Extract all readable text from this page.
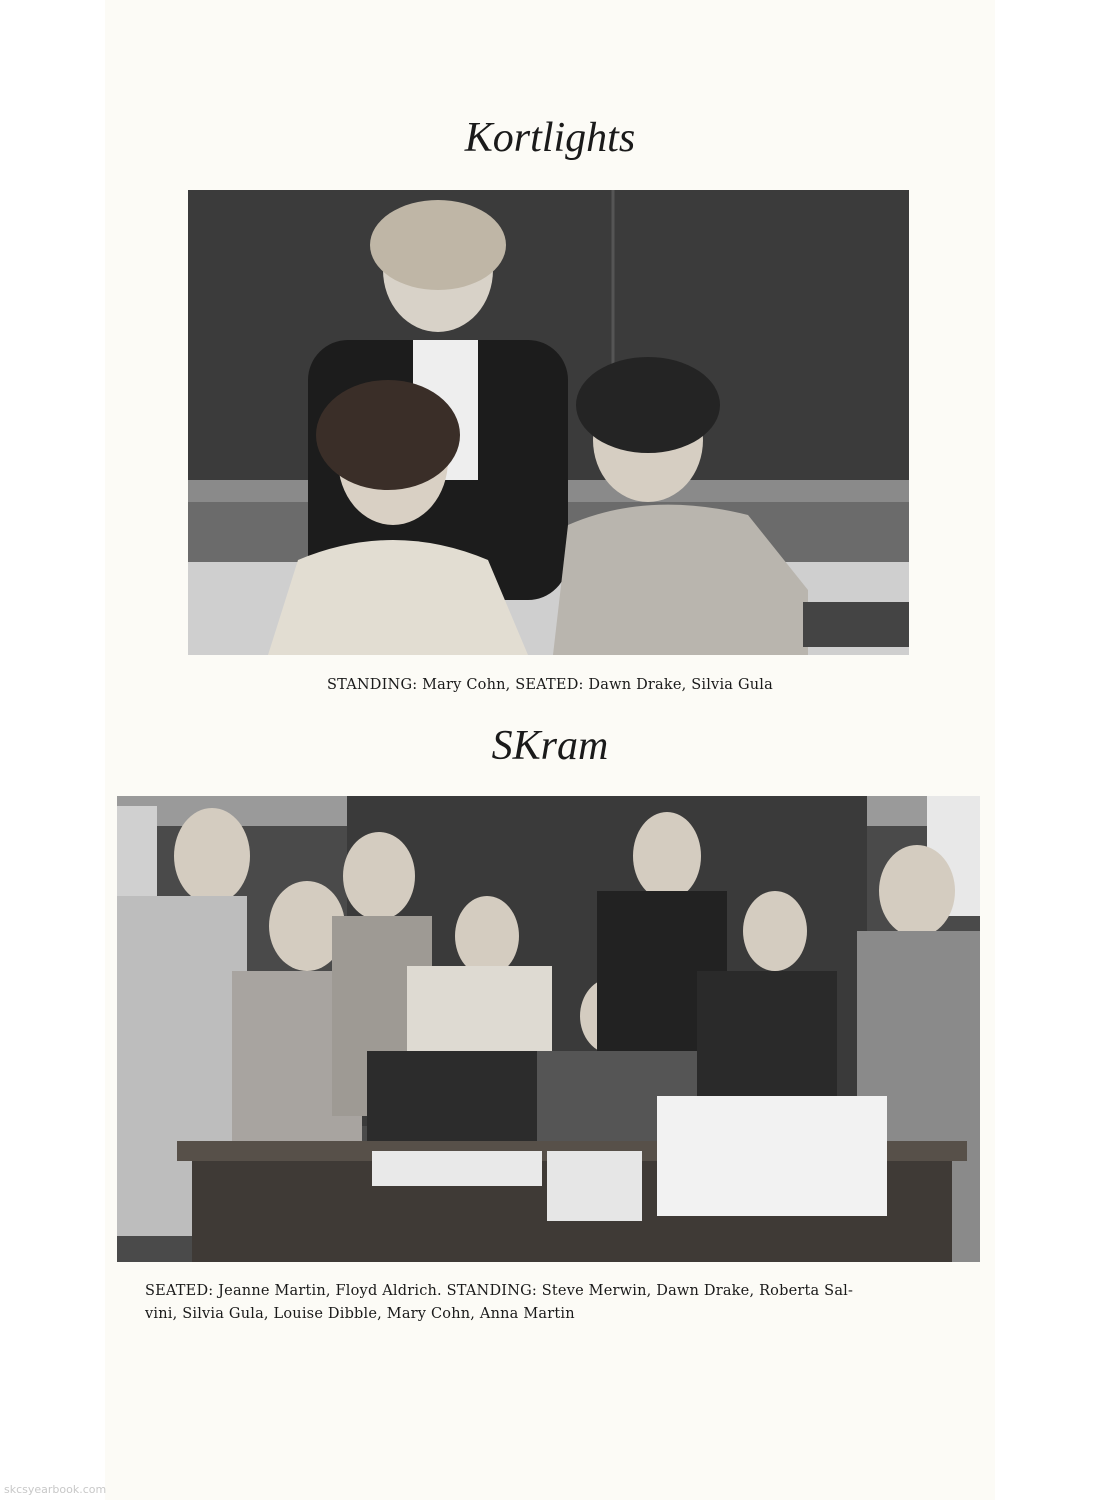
Kortlights

STANDING: Mary Cohn, SEATED: Dawn Drake, Silvia Gula

SKram

SEATED: Jeanne Martin, Floyd Aldrich. STANDING: Steve Merwin, Dawn Drake, Roberta Sal-
vini, Silvia Gula, Louise Dibble, Mary Cohn, Anna Martin

skcsyearbook.com
